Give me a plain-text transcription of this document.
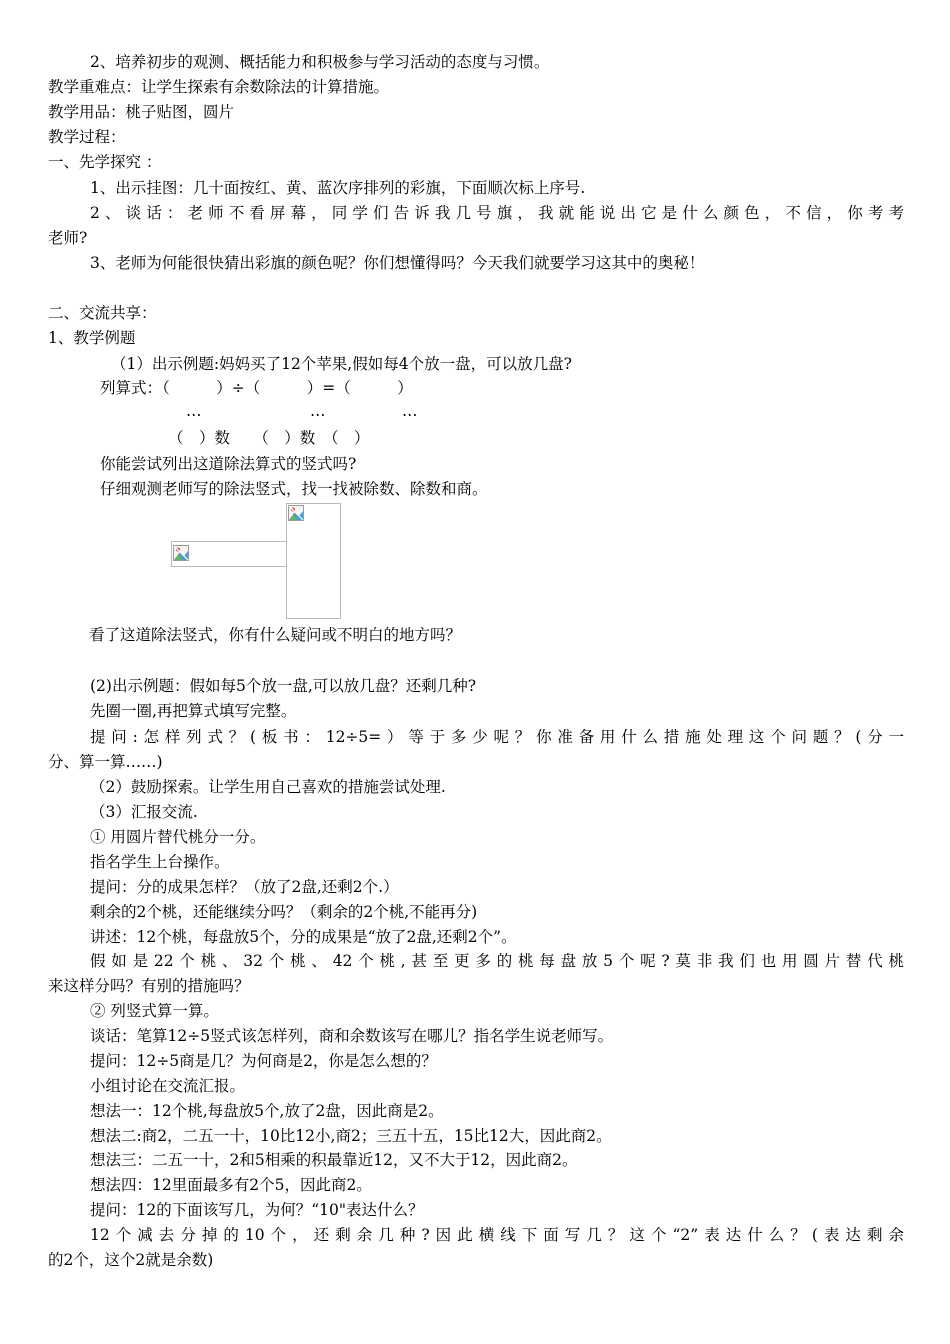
2、培养初步的观测、概括能力和积极参与学习活动的态度与习惯。
教学重难点：让学生探索有余数除法的计算措施。
教学用品：桃子贴图，圆片
教学过程：
一、先学探究 ：
1、出示挂图：几十面按红、黄、蓝次序排列的彩旗，下面顺次标上序号.
2、谈话：老师不看屏幕，同学们告诉我几号旗，我就能说出它是什么颜色，不信，你考考
老师?
3、老师为何能很快猜出彩旗的颜色呢？你们想懂得吗？今天我们就要学习这其中的奥秘！
二、交流共享：
1、教学例题
（1）出示例题:妈妈买了12个苹果,假如每4个放一盘，可以放几盘?
列算式：（　　　）÷（　　　）=（　　　）
…	…	…
（　）数　　（　）数　（　）
你能尝试列出这道除法算式的竖式吗?
仔细观测老师写的除法竖式，找一找被除数、除数和商。
看了这道除法竖式，你有什么疑问或不明白的地方吗？
(2)出示例题：假如每5个放一盘,可以放几盘？还剩几种?
先圈一圈,再把算式填写完整。
提问:怎样列式？(板书：12÷5=）等于多少呢？你准备用什么措施处理这个问题？(分一
分、算一算……)
（2）鼓励探索。让学生用自己喜欢的措施尝试处理.
（3）汇报交流.
① 用圆片替代桃分一分。
指名学生上台操作。
提问：分的成果怎样？（放了2盘,还剩2个.）
剩余的2个桃，还能继续分吗？（剩余的2个桃,不能再分)
讲述：12个桃，每盘放5个，分的成果是“放了2盘,还剩2个”。
假如是22个桃、32个桃、42个桃,甚至更多的桃每盘放5个呢?莫非我们也用圆片替代桃
来这样分吗？有别的措施吗？
② 列竖式算一算。
谈话：笔算12÷5竖式该怎样列，商和余数该写在哪儿？指名学生说老师写。
提问：12÷5商是几？为何商是2，你是怎么想的？
小组讨论在交流汇报。
想法一：12个桃,每盘放5个,放了2盘，因此商是2。
想法二:商2，二五一十，10比12小,商2；三五十五，15比12大，因此商2。
想法三：二五一十，2和5相乘的积最靠近12，又不大于12，因此商2。
想法四：12里面最多有2个5，因此商2。
提问：12的下面该写几，为何？“10"表达什么？
12个减去分掉的10个，还剩余几种?因此横线下面写几？这个“2”表达什么？(表达剩余
的2个，这个2就是余数)
